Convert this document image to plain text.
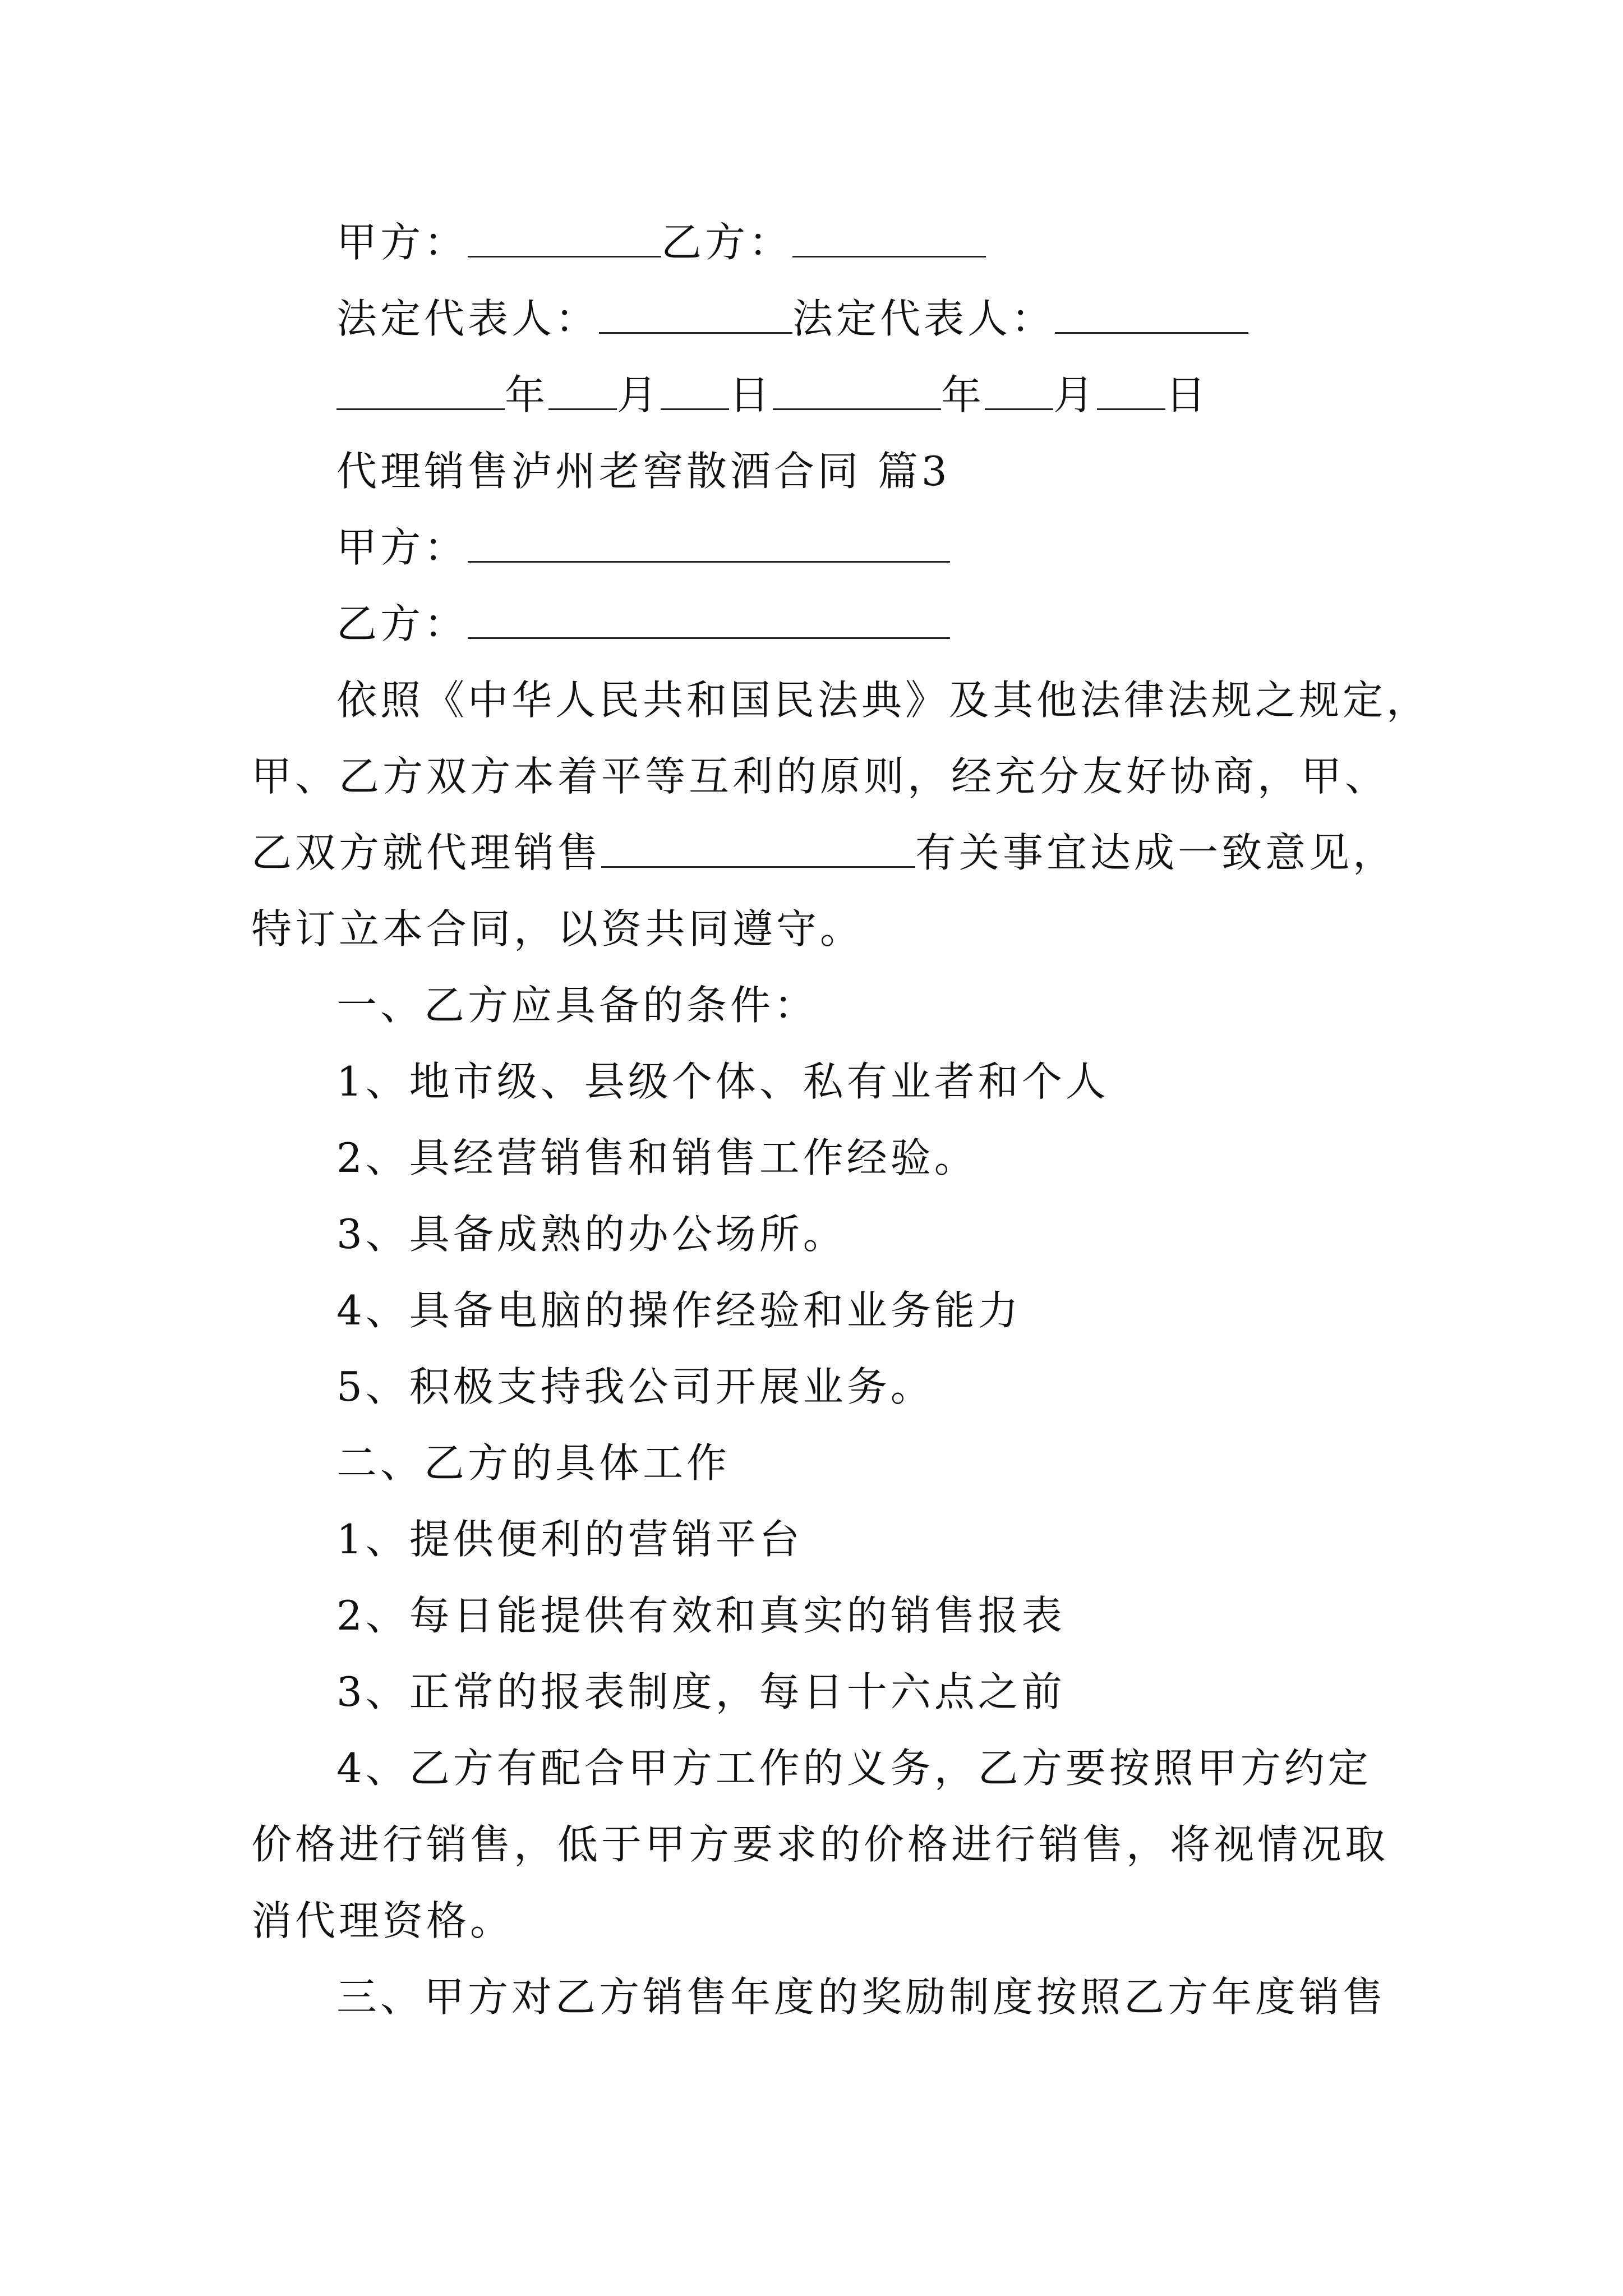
甲方：	乙方：
法定代表人：	法定代表人：
年 月 日	年 月 日
代理销售泸州老窖散酒合同 篇3
甲方：
乙方：
依照《中华人民共和国民法典》及其他法律法规之规定，
甲、乙方双方本着平等互利的原则，经充分友好协商，甲、
乙双方就代理销售	有关事宜达成一致意见，
特订立本合同，以资共同遵守。
一、乙方应具备的条件：
1、地市级、县级个体、私有业者和个人
2、具经营销售和销售工作经验。
3、具备成熟的办公场所。
4、具备电脑的操作经验和业务能力
5、积极支持我公司开展业务。
二、乙方的具体工作
1、提供便利的营销平台
2、每日能提供有效和真实的销售报表
3、正常的报表制度，每日十六点之前
4、乙方有配合甲方工作的义务，乙方要按照甲方约定
价格进行销售，低于甲方要求的价格进行销售，将视情况取
消代理资格。
三、甲方对乙方销售年度的奖励制度按照乙方年度销售
